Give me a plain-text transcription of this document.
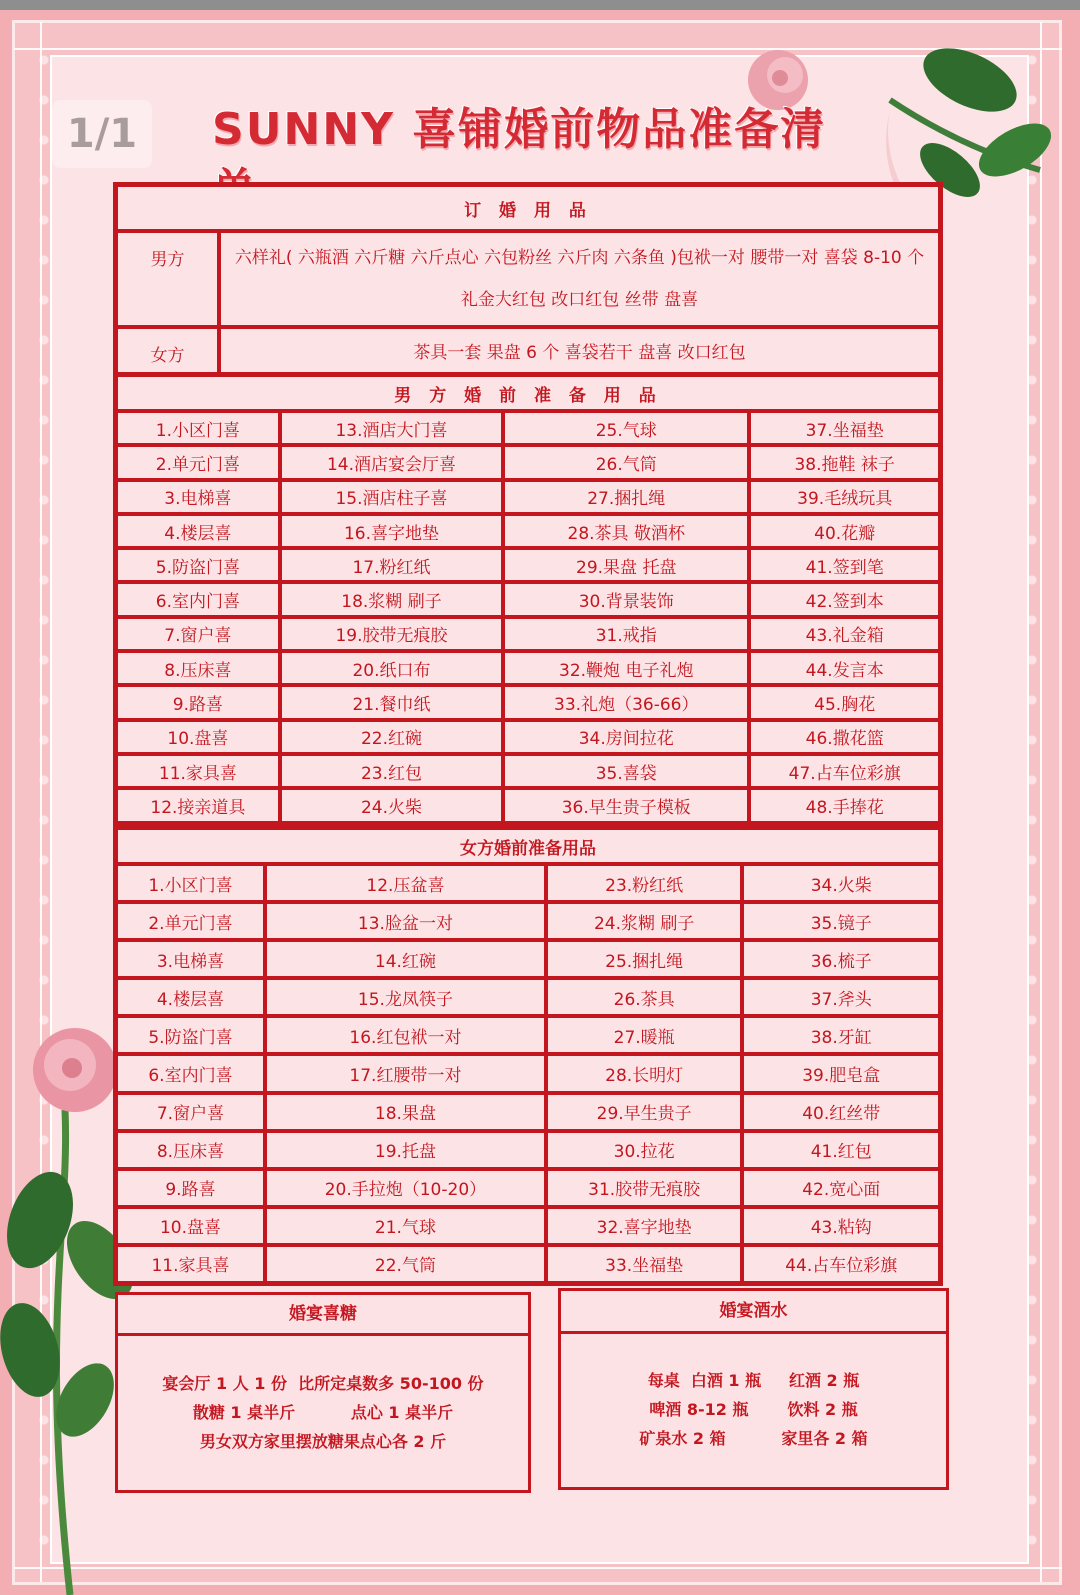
1/1	SUNNY 喜铺婚前物品准备清
订 婚 用 品	
男方	六样礼( 六瓶酒 六斤糖 六斤点心 六包粉丝 六斤肉 六条鱼 )包袱一对 腰带一对 喜袋 8-10 个 礼金大红包 改口红包 丝带 盘喜
女方	茶具一套 果盘 6 个 喜袋若干 盘喜 改口红包
男 方 婚 前 准 备 用 品			
1.小区门喜	13.酒店大门喜	25.气球	37.坐福垫
2.单元门喜	14.酒店宴会厅喜	26.气筒	38.拖鞋 袜子
3.电梯喜	15.酒店柱子喜	27.捆扎绳	39.毛绒玩具
4.楼层喜	16.喜字地垫	28.茶具 敬酒杯	40.花瓣
5.防盗门喜	17.粉红纸	29.果盘 托盘	41.签到笔
6.室内门喜	18.浆糊 刷子	30.背景装饰	42.签到本
7.窗户喜	19.胶带无痕胶	31.戒指	43.礼金箱
8.压床喜	20.纸口布	32.鞭炮 电子礼炮	44.发言本
9.路喜	21.餐巾纸	33.礼炮（36-66）	45.胸花
10.盘喜	22.红碗	34.房间拉花	46.撒花篮
11.家具喜	23.红包	35.喜袋	47.占车位彩旗
12.接亲道具	24.火柴	36.早生贵子模板	48.手捧花
女方婚前准备用品			
1.小区门喜	12.压盆喜	23.粉红纸	34.火柴
2.单元门喜	13.脸盆一对	24.浆糊 刷子	35.镜子
3.电梯喜	14.红碗	25.捆扎绳	36.梳子
4.楼层喜	15.龙凤筷子	26.茶具	37.斧头
5.防盗门喜	16.红包袱一对	27.暖瓶	38.牙缸
6.室内门喜	17.红腰带一对	28.长明灯	39.肥皂盒
7.窗户喜	18.果盘	29.早生贵子	40.红丝带
8.压床喜	19.托盘	30.拉花	41.红包
9.路喜	20.手拉炮（10-20）	31.胶带无痕胶	42.宽心面
10.盘喜	21.气球	32.喜字地垫	43.粘钩
11.家具喜	22.气筒	33.坐福垫	44.占车位彩旗
婚宴喜糖
宴会厅 1 人 1 份  比所定桌数多 50-100 份
散糖 1 桌半斤          点心 1 桌半斤
男女双方家里摆放糖果点心各 2 斤
婚宴酒水
每桌  白酒 1 瓶     红酒 2 瓶
啤酒 8-12 瓶       饮料 2 瓶
矿泉水 2 箱          家里各 2 箱
